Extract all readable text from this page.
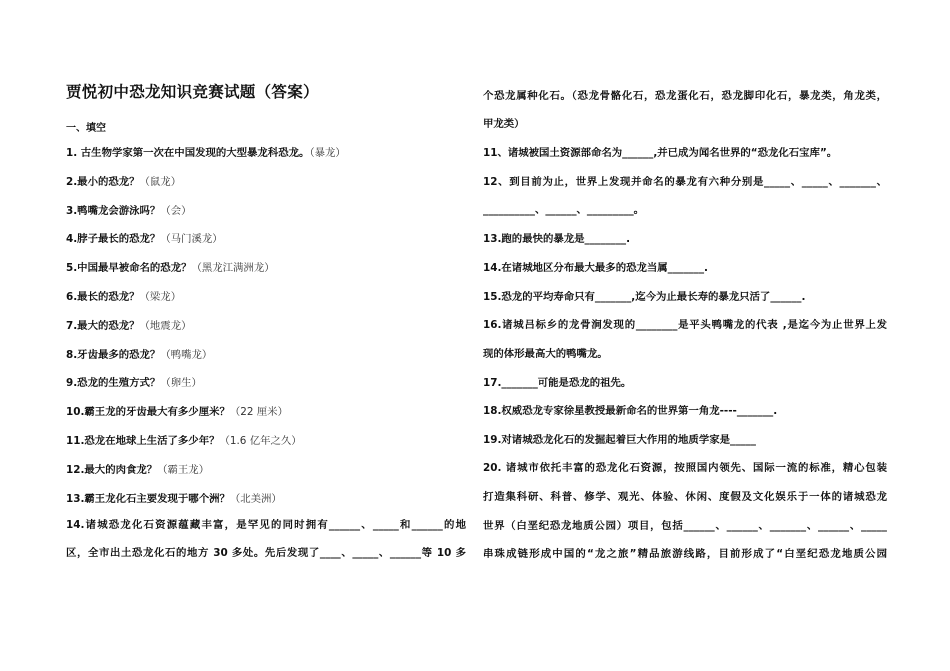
贾悦初中恐龙知识竞赛试题（答案）
一、填空
1. 古生物学家第一次在中国发现的大型暴龙科恐龙。（暴龙）
2.最小的恐龙？（鼠龙）
3.鸭嘴龙会游泳吗？（会）
4.脖子最长的恐龙？（马门溪龙）
5.中国最早被命名的恐龙？（黑龙江满洲龙）
6.最长的恐龙？（梁龙）
7.最大的恐龙？（地震龙）
8.牙齿最多的恐龙？（鸭嘴龙）
9.恐龙的生殖方式？（卵生）
10.霸王龙的牙齿最大有多少厘米？（22 厘米）
11.恐龙在地球上生活了多少年？（1.6 亿年之久）
12.最大的肉食龙？（霸王龙）
13.霸王龙化石主要发现于哪个洲？（北美洲）
14.诸城恐龙化石资源蕴藏丰富，是罕见的同时拥有______、_____和______的地
区，全市出土恐龙化石的地方 30 多处。先后发现了____、_____、______等 10 多
个恐龙属种化石。（恐龙骨骼化石，恐龙蛋化石，恐龙脚印化石，暴龙类，角龙类，
甲龙类）
11、诸城被国土资源部命名为______,并已成为闻名世界的“恐龙化石宝库”。
12、到目前为止，世界上发现并命名的暴龙有六种分别是_____、_____、_______、
__________、______、_________。
13.跑的最快的暴龙是________.
14.在诸城地区分布最大最多的恐龙当属_______.
15.恐龙的平均寿命只有_______,迄今为止最长寿的暴龙只活了______.
16.诸城吕标乡的龙骨涧发现的________是平头鸭嘴龙的代表 ,是迄今为止世界上发
现的体形最高大的鸭嘴龙。
17._______可能是恐龙的祖先。
18.权威恐龙专家徐星教授最新命名的世界第一角龙----_______.
19.对诸城恐龙化石的发掘起着巨大作用的地质学家是_____
20. 诸城市依托丰富的恐龙化石资源，按照国内领先、国际一流的标准，精心包装
打造集科研、科普、修学、观光、体验、休闲、度假及文化娱乐于一体的诸城恐龙
世界（白垩纪恐龙地质公园）项目，包括______、______、_______、______、_____
串珠成链形成中国的“龙之旅”精品旅游线路，目前形成了“白垩纪恐龙地质公园
